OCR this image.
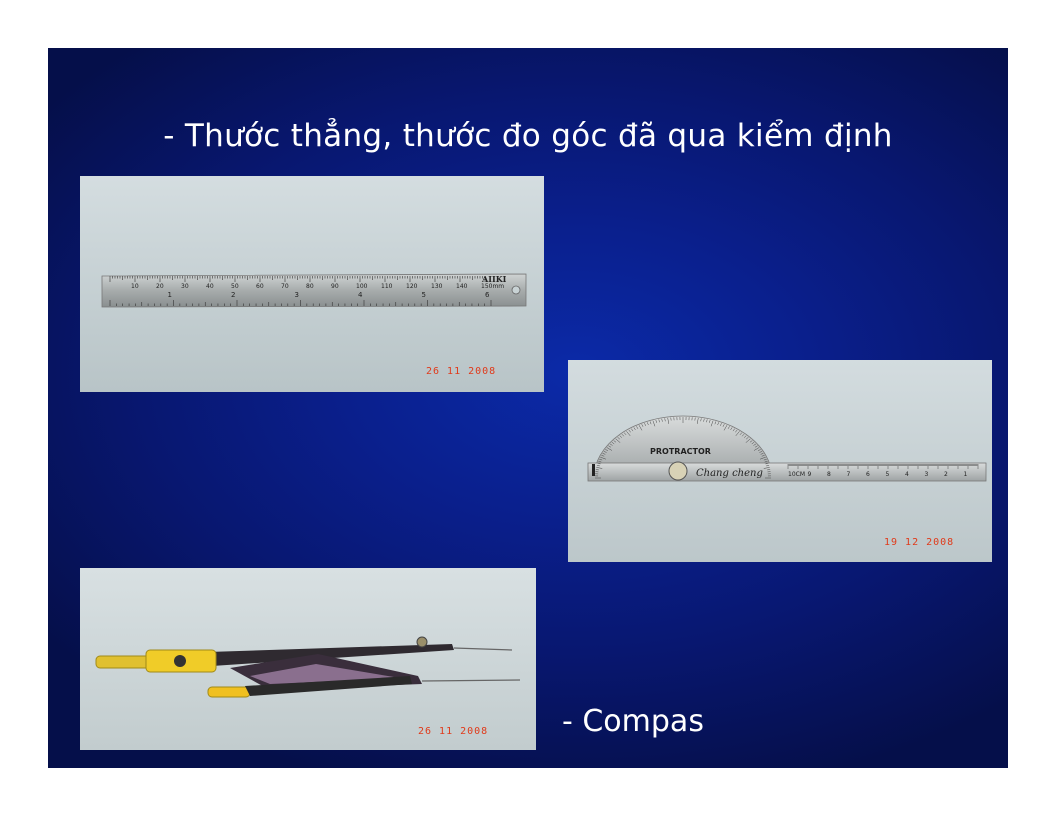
- Thước thẳng, thước đo góc đã qua kiểm định
10	20	30	40	50	60	70	80	90	100 110 120 130 140 150mm
1	2	3	4	5	6
AIIKI
26 11 2008
10CM 9	8	7	6	5	4	3	2	1
PROTRACTOR
Chang cheng
19 12 2008
26 11 2008 - Compas
